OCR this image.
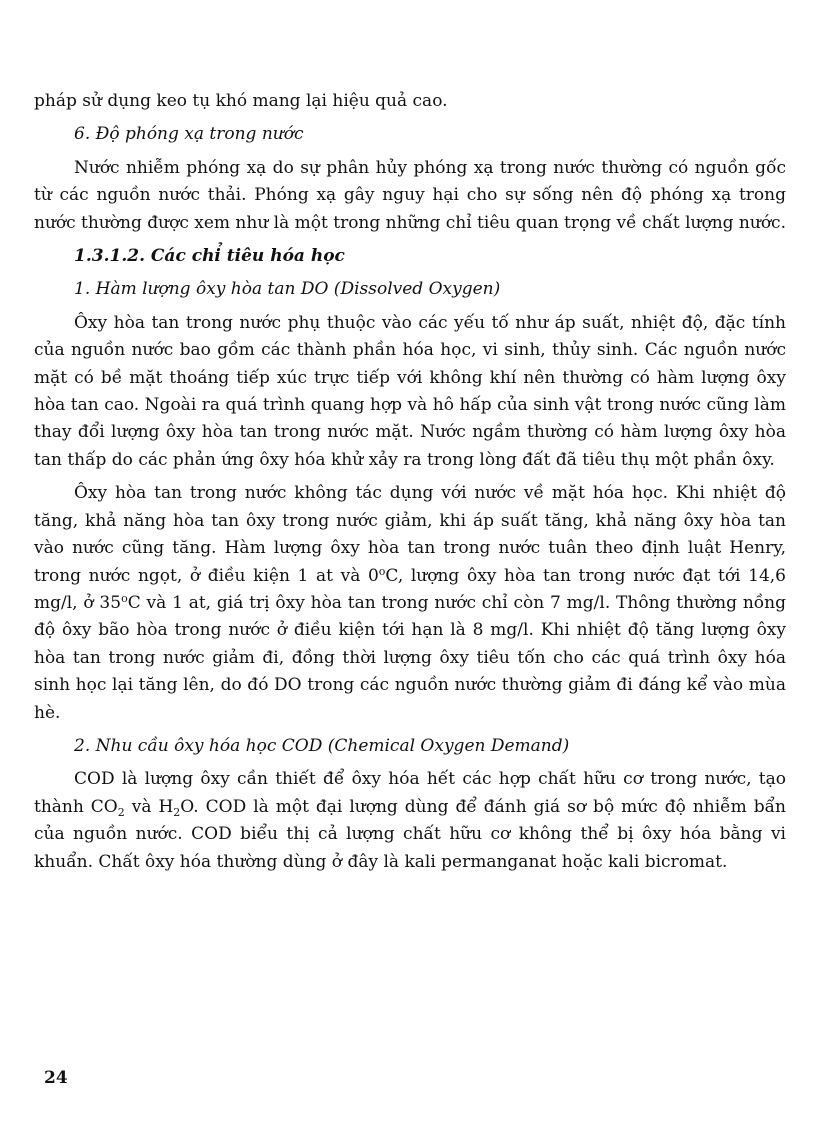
pháp sử dụng keo tụ khó mang lại hiệu quả cao.

6. Độ phóng xạ trong nước

Nước nhiễm phóng xạ do sự phân hủy phóng xạ trong nước thường có nguồn gốc từ các nguồn nước thải. Phóng xạ gây nguy hại cho sự sống nên độ phóng xạ trong nước thường được xem như là một trong những chỉ tiêu quan trọng về chất lượng nước.

1.3.1.2. Các chỉ tiêu hóa học

1. Hàm lượng ôxy hòa tan DO (Dissolved Oxygen)

Ôxy hòa tan trong nước phụ thuộc vào các yếu tố như áp suất, nhiệt độ, đặc tính của nguồn nước bao gồm các thành phần hóa học, vi sinh, thủy sinh. Các nguồn nước mặt có bề mặt thoáng tiếp xúc trực tiếp với không khí nên thường có hàm lượng ôxy hòa tan cao. Ngoài ra quá trình quang hợp và hô hấp của sinh vật trong nước cũng làm thay đổi lượng ôxy hòa tan trong nước mặt. Nước ngầm thường có hàm lượng ôxy hòa tan thấp do các phản ứng ôxy hóa khử xảy ra trong lòng đất đã tiêu thụ một phần ôxy.

Ôxy hòa tan trong nước không tác dụng với nước về mặt hóa học. Khi nhiệt độ tăng, khả năng hòa tan ôxy trong nước giảm, khi áp suất tăng, khả năng ôxy hòa tan vào nước cũng tăng. Hàm lượng ôxy hòa tan trong nước tuân theo định luật Henry, trong nước ngọt, ở điều kiện 1 at và 0$^o$C, lượng ôxy hòa tan trong nước đạt tới 14,6 mg/l, ở 35$^o$C và 1 at, giá trị ôxy hòa tan trong nước chỉ còn 7 mg/l. Thông thường nồng độ ôxy bão hòa trong nước ở điều kiện tới hạn là 8 mg/l. Khi nhiệt độ tăng lượng ôxy hòa tan trong nước giảm đi, đồng thời lượng ôxy tiêu tốn cho các quá trình ôxy hóa sinh học lại tăng lên, do đó DO trong các nguồn nước thường giảm đi đáng kể vào mùa hè.

2. Nhu cầu ôxy hóa học COD (Chemical Oxygen Demand)

COD là lượng ôxy cần thiết để ôxy hóa hết các hợp chất hữu cơ trong nước, tạo thành $CO_2$ và $H_2O$. COD là một đại lượng dùng để đánh giá sơ bộ mức độ nhiễm bẩn của nguồn nước. COD biểu thị cả lượng chất hữu cơ không thể bị ôxy hóa bằng vi khuẩn. Chất ôxy hóa thường dùng ở đây là kali permanganat hoặc kali bicromat.

24
